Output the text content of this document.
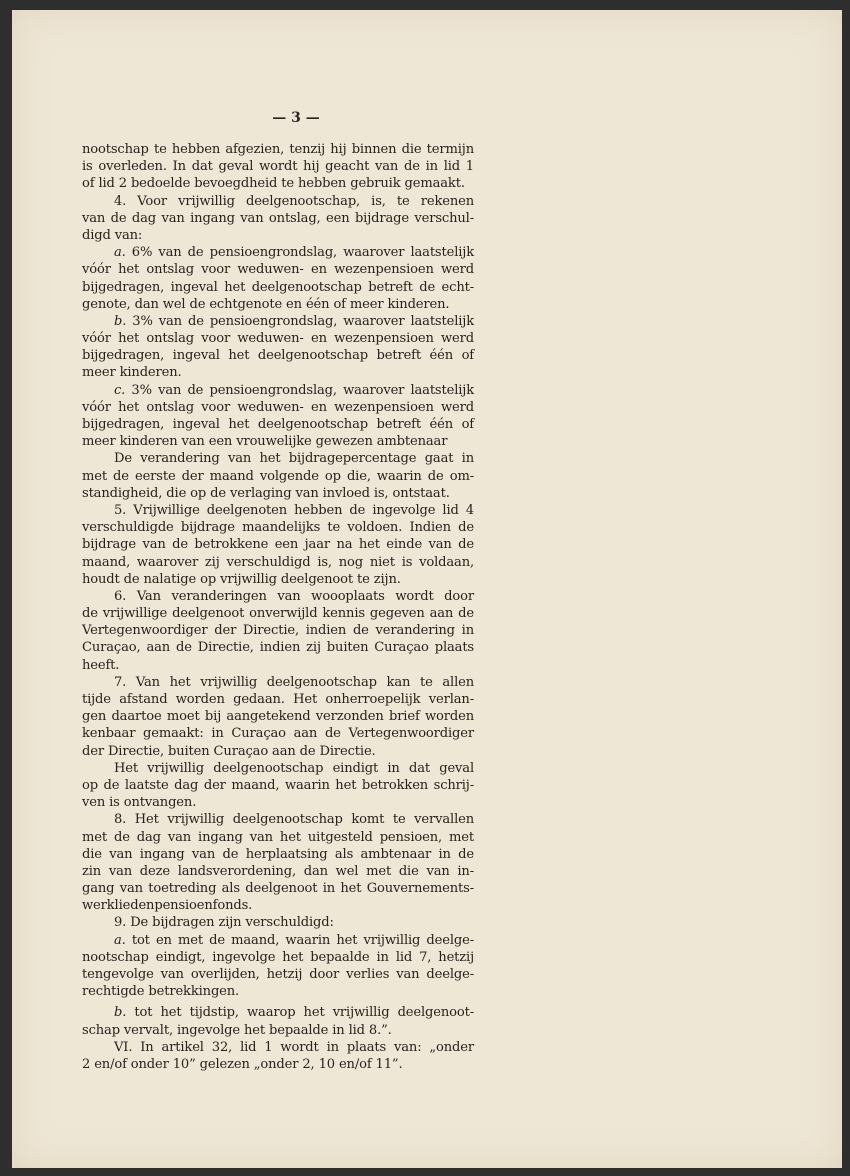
— 3 —
nootschap te hebben afgezien, tenzij hij binnen die termijn
is overleden. In dat geval wordt hij geacht van de in lid 1
of lid 2 bedoelde bevoegdheid te hebben gebruik gemaakt.
4. Voor vrijwillig deelgenootschap, is, te rekenen
van de dag van ingang van ontslag, een bijdrage verschul-
digd van:
a. 6% van de pensioengrondslag, waarover laatstelijk
vóór het ontslag voor weduwen- en wezenpensioen werd
bijgedragen, ingeval het deelgenootschap betreft de echt-
genote, dan wel de echtgenote en één of meer kinderen.
b. 3% van de pensioengrondslag, waarover laatstelijk
vóór het ontslag voor weduwen- en wezenpensioen werd
bijgedragen, ingeval het deelgenootschap betreft één of
meer kinderen.
c. 3% van de pensioengrondslag, waarover laatstelijk
vóór het ontslag voor weduwen- en wezenpensioen werd
bijgedragen, ingeval het deelgenootschap betreft één of
meer kinderen van een vrouwelijke gewezen ambtenaar
De verandering van het bijdragepercentage gaat in
met de eerste der maand volgende op die, waarin de om-
standigheid, die op de verlaging van invloed is, ontstaat.
5. Vrijwillige deelgenoten hebben de ingevolge lid 4
verschuldigde bijdrage maandelijks te voldoen. Indien de
bijdrage van de betrokkene een jaar na het einde van de
maand, waarover zij verschuldigd is, nog niet is voldaan,
houdt de nalatige op vrijwillig deelgenoot te zijn.
6. Van veranderingen van woooplaats wordt door
de vrijwillige deelgenoot onverwijld kennis gegeven aan de
Vertegenwoordiger der Directie, indien de verandering in
Curaçao, aan de Directie, indien zij buiten Curaçao plaats
heeft.
7. Van het vrijwillig deelgenootschap kan te allen
tijde afstand worden gedaan. Het onherroepelijk verlan-
gen daartoe moet bij aangetekend verzonden brief worden
kenbaar gemaakt: in Curaçao aan de Vertegenwoordiger
der Directie, buiten Curaçao aan de Directie.
Het vrijwillig deelgenootschap eindigt in dat geval
op de laatste dag der maand, waarin het betrokken schrij-
ven is ontvangen.
8. Het vrijwillig deelgenootschap komt te vervallen
met de dag van ingang van het uitgesteld pensioen, met
die van ingang van de herplaatsing als ambtenaar in de
zin van deze landsverordening, dan wel met die van in-
gang van toetreding als deelgenoot in het Gouvernements-
werkliedenpensioenfonds.
9. De bijdragen zijn verschuldigd:
a. tot en met de maand, waarin het vrijwillig deelge-
nootschap eindigt, ingevolge het bepaalde in lid 7, hetzij
tengevolge van overlijden, hetzij door verlies van deelge-
rechtigde betrekkingen.
b. tot het tijdstip, waarop het vrijwillig deelgenoot-
schap vervalt, ingevolge het bepaalde in lid 8.”.
VI. In artikel 32, lid 1 wordt in plaats van: „onder
2 en/of onder 10” gelezen „onder 2, 10 en/of 11”.
